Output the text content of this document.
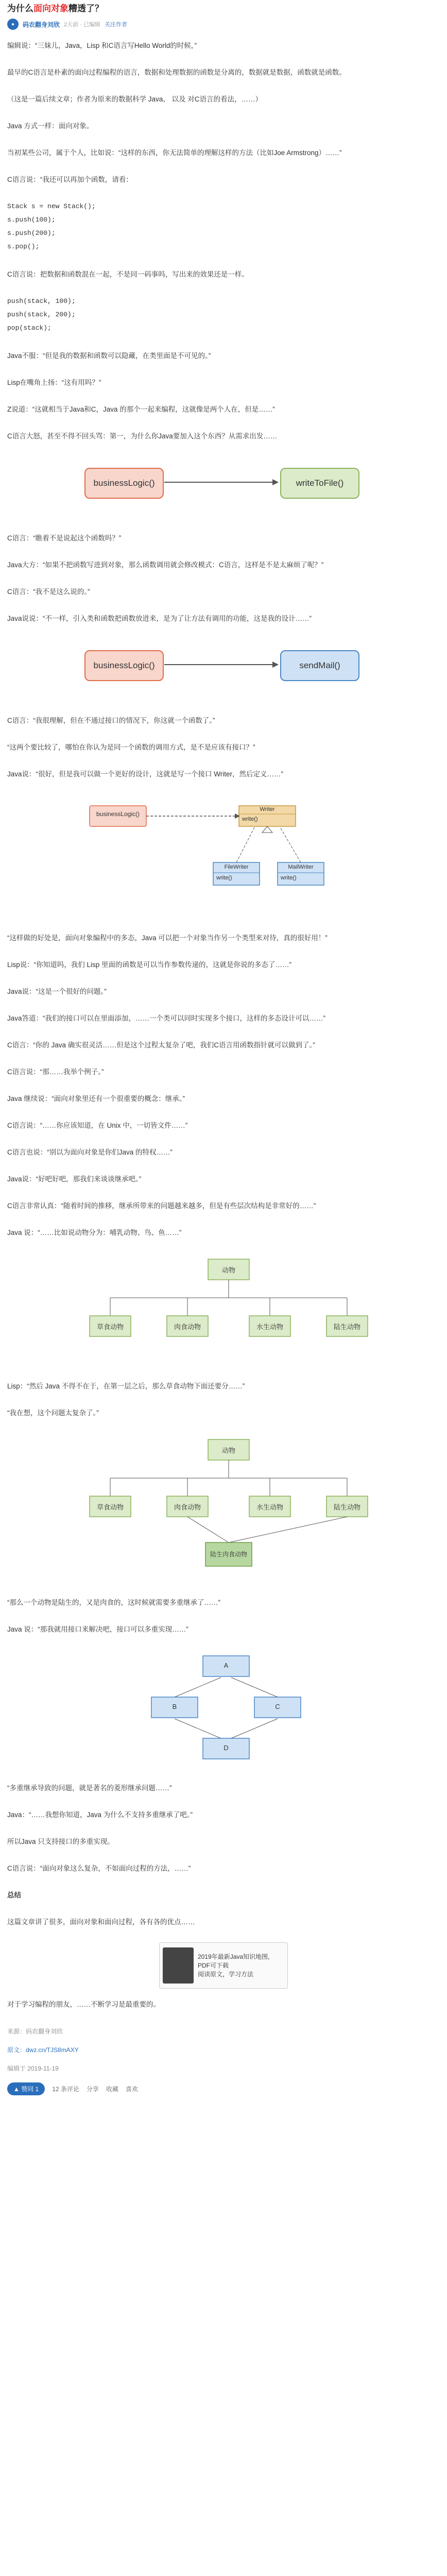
为什么面向对象糟透了？
●	码农翻身刘欣 2天前 · 已编辑 关注作者

编辑说：“三妹儿，Java，Lisp 和C语言写Hello World的时候，”

最早的C语言是朴素的面向过程编程的语言，数据和处理数据的函数是分离的，数据就是数据，函数就是函数。

（这是一篇后续文章；作者为原来的数据科学 Java、 以及 对C语言的看法，……）

Java 方式一样：面向对象。

当初某些公司，属于个人，比如说：“这样的东西，你无法简单的理解这样的方法（比如Joe Armstrong）……”

C语言说：“我还可以再加个函数，请看：

Stack s = new Stack();
s.push(100);
s.push(200);
s.pop();

C语言说：把数据和函数混在一起，不是同一码事吗，写出来的效果还是一样。

push(stack, 100);
push(stack, 200);
pop(stack);

Java不服：“但是我的数据和函数可以隐藏，在类里面是不可见的。”

Lisp在嘴角上扬：“这有用吗？”

Z说道：“这就相当于Java和C，Java 的那个一起来编程，这就像是两个人在，但是……”

C语言大怒，甚至不得不回头骂：第一，为什么你Java要加入这个东西？从需求出发……

businessLogic()	writeToFile()

C语言：“瞧着不是说起这个函数吗？”

Java大方：“如果不把函数写进到对象，那么函数调用就会修改模式：C语言，这样是不是太麻烦了呢？”

C语言：“我不是这么说的。”

Java说说：“不一样，引入类和函数把函数放进来，是为了让方法有调用的功能，这是我的设计……”

businessLogic()	sendMail()

C语言：“我很理解，但在不通过接口的情况下，你这就一个函数了。”

“这两个要比较了，哪怕在你认为是同一个函数的调用方式，是不是应该有接口？”

Java说：“很好，但是我可以做一个更好的设计，这就是写一个接口 Writer，然后定义……”

businessLogic()
Writer
write()
FileWriter
write()
MailWriter
write()

“这样做的好处是，面向对象编程中的多态，Java 可以把一个对象当作另一个类型来对待，真的很好用！”

Lisp说：“你知道吗，我们 Lisp 里面的函数是可以当作参数传递的，这就是你说的多态了……”

Java说：“这是一个很好的问题。”

Java答道：“我们的接口可以在里面添加，……一个类可以同时实现多个接口，这样的多态设计可以……”

C语言：“你的 Java 确实很灵活……但是这个过程太复杂了吧，我们C语言用函数指针就可以做到了。”

C语言说：“那……我举个例子。”

Java 继续说：“面向对象里还有一个很重要的概念：继承。”

C语言说：“……你应该知道，在 Unix 中，一切皆文件……”

C语言也说：“别以为面向对象是你们Java 的特权……”

Java说：“好吧好吧，那我们来谈谈继承吧。”

C语言非常认真：“随着时间的推移，继承所带来的问题越来越多，但是有些层次结构是非常好的……”

Java 说：“……比如说动物分为：哺乳动物、鸟、鱼……”

动物
草食动物	肉食动物	水生动物	陆生动物

Lisp：“然后 Java 不得不在于，在第一层之后，那么草食动物下面还要分……”

“我在想，这个问题太复杂了。”

动物
草食动物	肉食动物	水生动物	陆生动物
陆生肉食动物

“那么一个动物是陆生的，又是肉食的，这时候就需要多重继承了……”

Java 说：“那我就用接口来解决吧，接口可以多重实现……”

A
B	C
D

“多重继承导致的问题，就是著名的菱形继承问题……”

Java：“……我想你知道，Java 为什么不支持多重继承了吧。”

所以Java 只支持接口的多重实现。

C语言说：“面向对象这么复杂，不如面向过程的方法，……”

总结

这篇文章讲了很多，面向对象和面向过程，各有各的优点……

2019年最新Java知识地图，PDF可下载
阅读原文，学习方法

对于学习编程的朋友，……不断学习是最重要的。

来源：码农翻身刘欣

原文：dwz.cn/TJS8mAXY

编辑于 2019-11-19

▲ 赞同 1	12 条评论 分享 收藏 喜欢
